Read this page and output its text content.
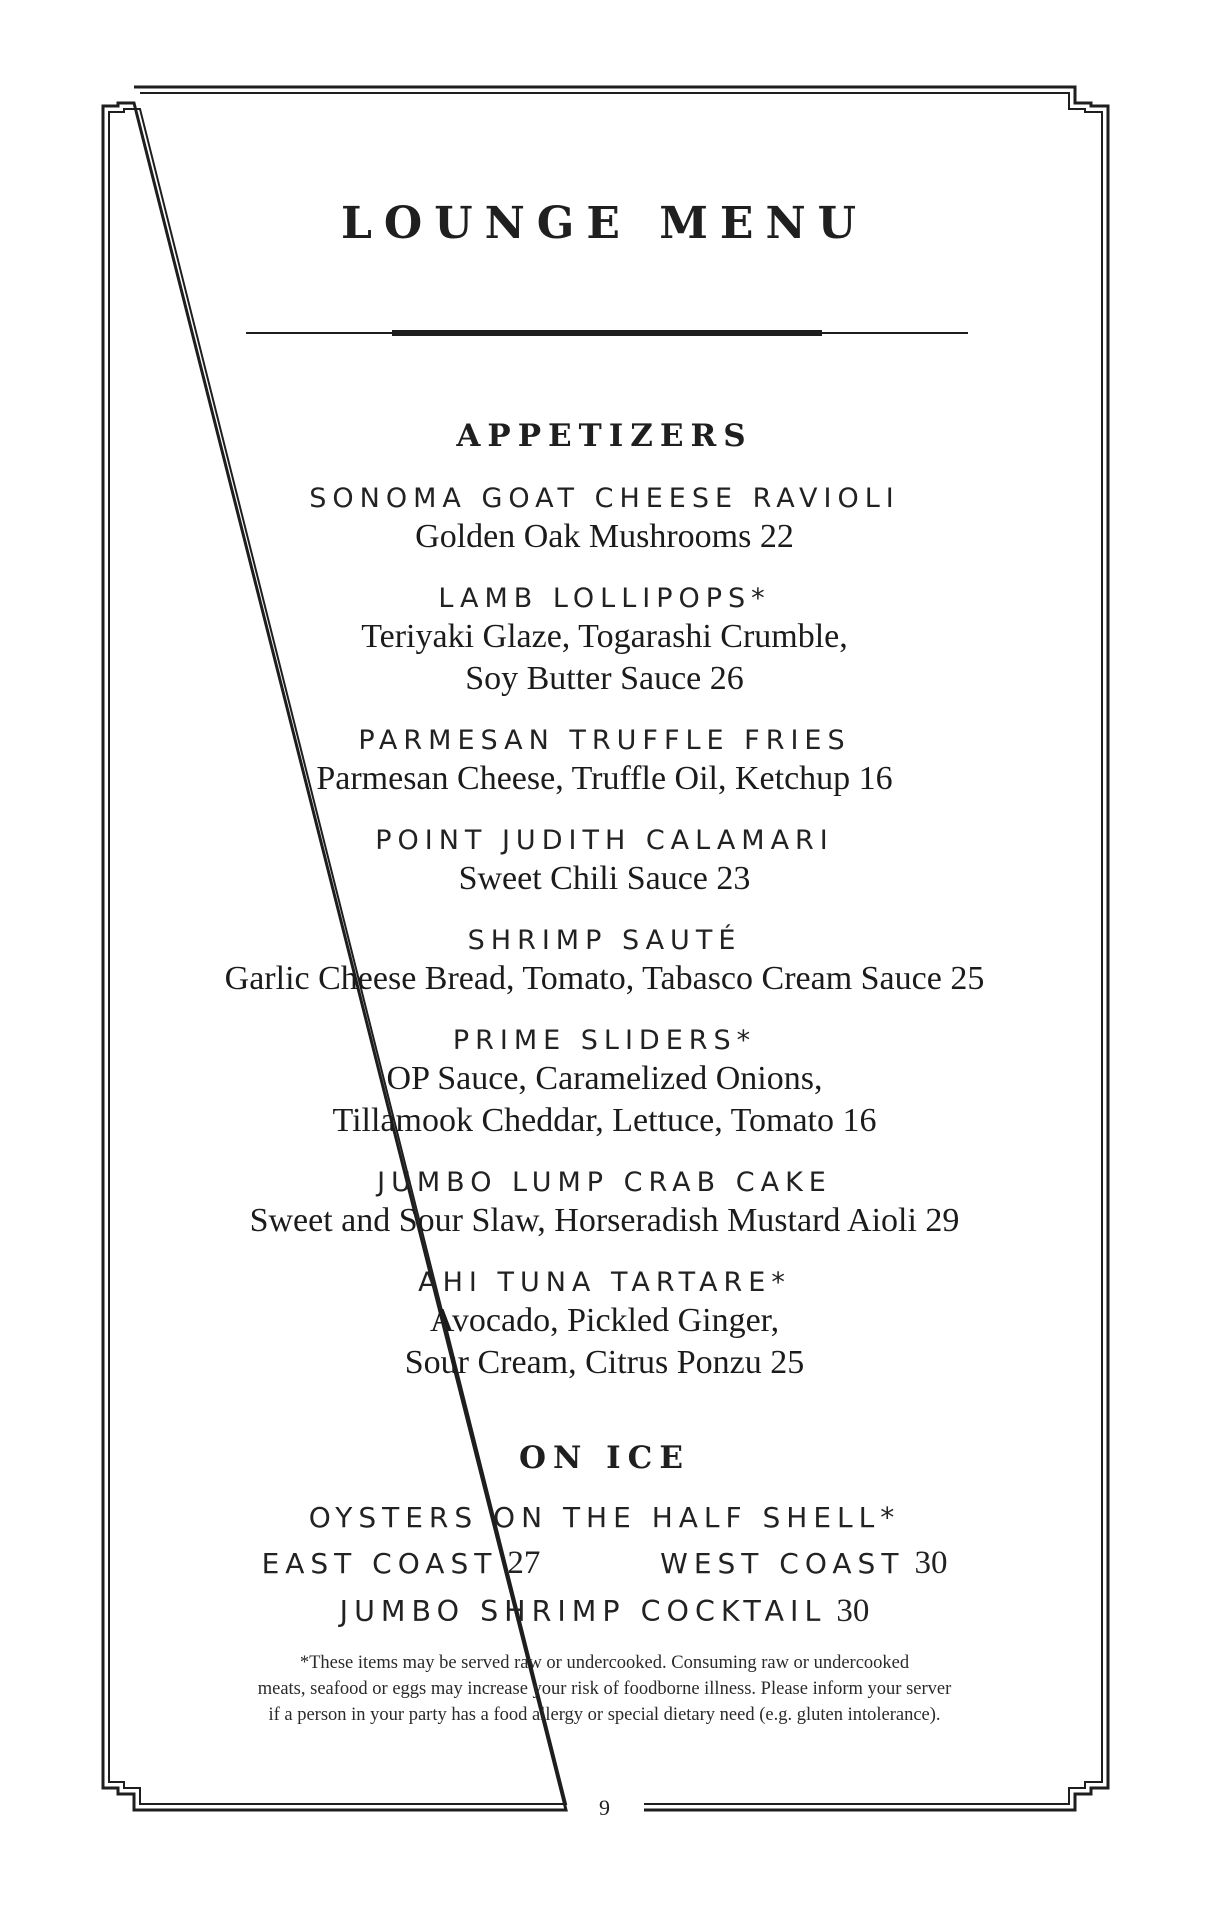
LOUNGE MENU
APPETIZERS
SONOMA GOAT CHEESE RAVIOLI
Golden Oak Mushrooms 22
LAMB LOLLIPOPS*
Teriyaki Glaze, Togarashi Crumble,
Soy Butter Sauce 26
PARMESAN TRUFFLE FRIES
Parmesan Cheese, Truffle Oil, Ketchup 16
POINT JUDITH CALAMARI
Sweet Chili Sauce 23
SHRIMP SAUTÉ
Garlic Cheese Bread, Tomato, Tabasco Cream Sauce 25
PRIME SLIDERS*
OP Sauce, Caramelized Onions,
Tillamook Cheddar, Lettuce, Tomato 16
JUMBO LUMP CRAB CAKE
Sweet and Sour Slaw, Horseradish Mustard Aioli 29
AHI TUNA TARTARE*
Avocado, Pickled Ginger,
Sour Cream, Citrus Ponzu 25
ON ICE
OYSTERS ON THE HALF SHELL*
EAST COAST 27	WEST COAST 30
JUMBO SHRIMP COCKTAIL 30
*These items may be served raw or undercooked. Consuming raw or undercooked
meats, seafood or eggs may increase your risk of foodborne illness. Please inform your server
if a person in your party has a food allergy or special dietary need (e.g. gluten intolerance).
9
